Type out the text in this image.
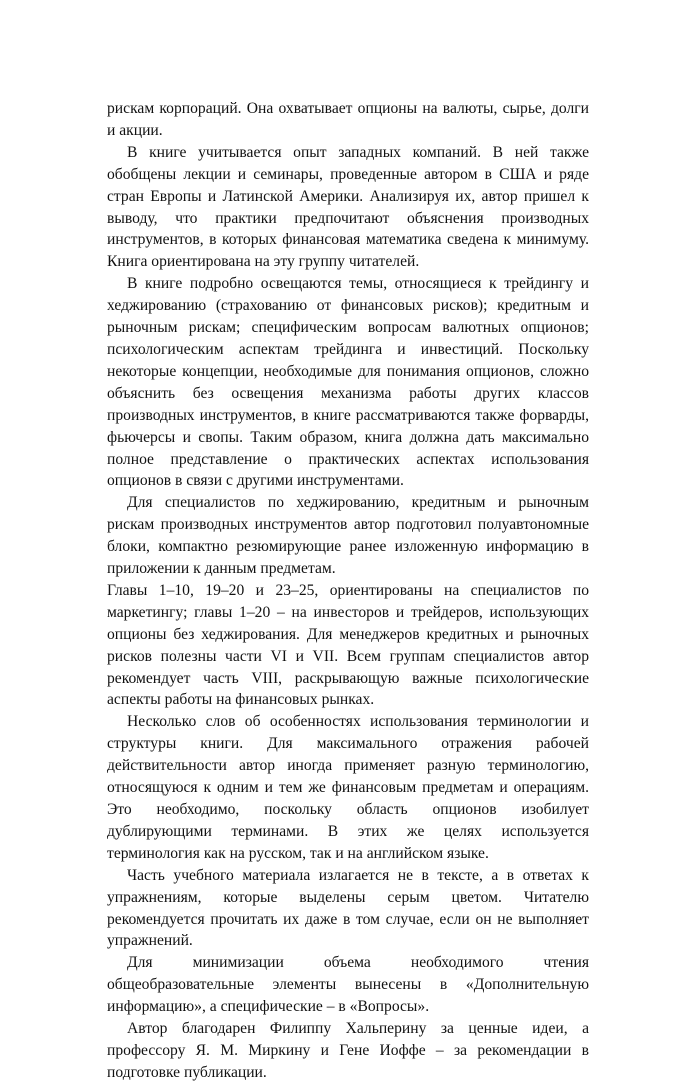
рискам корпораций. Она охватывает опционы на валюты, сырье, долги и акции.

В книге учитывается опыт западных компаний. В ней также обобщены лекции и семинары, проведенные автором в США и ряде стран Европы и Латинской Америки. Анализируя их, автор пришел к выводу, что практики предпочитают объяснения производных инструментов, в которых финансовая математика сведена к минимуму. Книга ориентирована на эту группу читателей.

В книге подробно освещаются темы, относящиеся к трейдингу и хеджированию (страхованию от финансовых рисков); кредитным и рыночным рискам; специфическим вопросам валютных опционов; психологическим аспектам трейдинга и инвестиций. Поскольку некоторые концепции, необходимые для понимания опционов, сложно объяснить без освещения механизма работы других классов производных инструментов, в книге рассматриваются также форварды, фьючерсы и свопы. Таким образом, книга должна дать максимально полное представление о практических аспектах использования опционов в связи с другими инструментами.

Для специалистов по хеджированию, кредитным и рыночным рискам производных инструментов автор подготовил полуавтономные блоки, компактно резюмирующие ранее изложенную информацию в приложении к данным предметам.

Главы 1–10, 19–20 и 23–25, ориентированы на специалистов по маркетингу; главы 1–20 – на инвесторов и трейдеров, использующих опционы без хеджирования. Для менеджеров кредитных и рыночных рисков полезны части VI и VII. Всем группам специалистов автор рекомендует часть VIII, раскрывающую важные психологические аспекты работы на финансовых рынках.

Несколько слов об особенностях использования терминологии и структуры книги. Для максимального отражения рабочей действительности автор иногда применяет разную терминологию, относящуюся к одним и тем же финансовым предметам и операциям. Это необходимо, поскольку область опционов изобилует дублирующими терминами. В этих же целях используется терминология как на русском, так и на английском языке.

Часть учебного материала излагается не в тексте, а в ответах к упражнениям, которые выделены серым цветом. Читателю рекомендуется прочитать их даже в том случае, если он не выполняет упражнений.

Для минимизации объема необходимого чтения общеобразовательные элементы вынесены в «Дополнительную информацию», а специфические – в «Вопросы».

Автор благодарен Филиппу Хальперину за ценные идеи, а профессору Я. М. Миркину и Гене Иоффе – за рекомендации в подготовке публикации.
